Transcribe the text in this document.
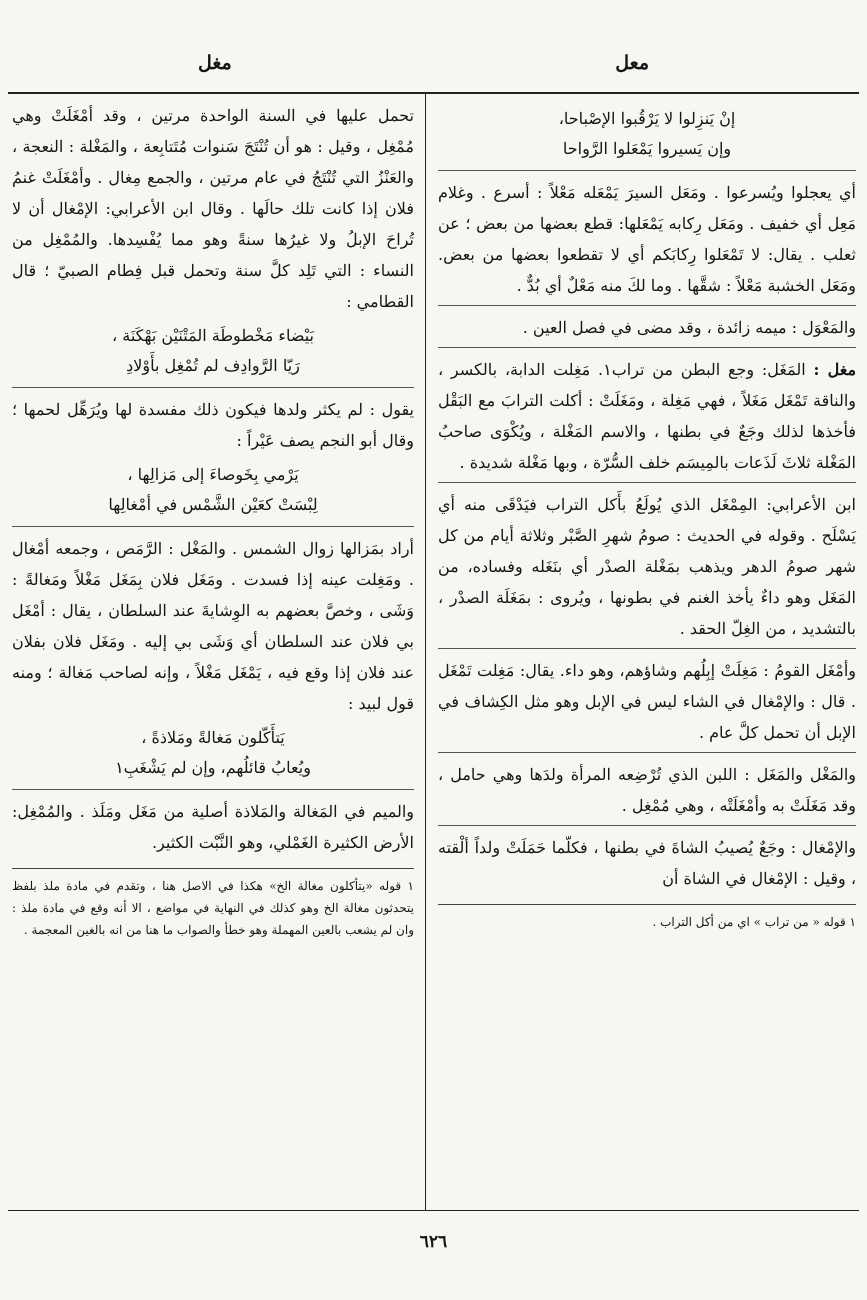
معل
مغل
إنْ يَنزِلوا لا يَرْقُبوا الإصْباحا،
وإن يَسيروا يَمْعَلوا الرَّواحا

أي يعجلوا ويُسرعوا . ومَعَل السيرَ يَمْعَله مَعْلاً : أسرع . وغلام مَعِل أي خفيف . ومَعَل رِكابه يَمْعَلها: قطع بعضها من بعض ؛ عن ثعلب . يقال: لا تَمْعَلوا رِكابَكم أي لا تقطعوا بعضها من بعض. ومَعَل الخشبة مَعْلاً : شقَّها . وما لكَ منه مَعْلٌ أي بُدٌّ .

والمَعْوَل : ميمه زائدة ، وقد مضى في فصل العين .

مغل : المَغَل: وجع البطن من تراب١. مَغِلت الدابة، بالكسر ، والناقة تَمْغَل مَغَلاً ، فهي مَغِلة ، ومَغَلَتْ : أكلت الترابَ مع البَقْل فأخذها لذلك وجَعٌ في بطنها ، والاسم المَغْلة ، ويُكْوَى صاحبُ المَغْلة ثلاثَ لَذَعات بالمِيسَم خلف السُّرّة ، وبها مَغْلة شديدة .

ابن الأعرابي: المِمْغَل الذي يُولَعُ بأَكل التراب فيَدْقَى منه أي يَسْلَح . وقوله في الحديث : صومُ شهرِ الصَّبْر وثلاثة أيام من كل شهر صومُ الدهر ويذهب بمَغْلة الصدْر أي بنَغَله وفساده، من المَغَل وهو داءٌ يأخذ الغنم في بطونها ، ويُروى : بمَغَلَة الصدْر ، بالتشديد ، من الغِلّ الحقد .

وأمْغَل القومُ : مَغِلَتْ إبِلُهم وشاؤهم، وهو داء. يقال: مَغِلت تَمْغَل . قال : والإمْغال في الشاء ليس في الإبل وهو مثل الكِشاف في الإبل أن تحمل كلَّ عام .

والمَغْل والمَغَل : اللبن الذي تُرْضِعه المرأة ولدَها وهي حامل ، وقد مَغَلَتْ به وأمْغَلَتْه ، وهي مُمْغِل .

والإمْغال : وجَعٌ يُصيبُ الشاةَ في بطنها ، فكلّما حَمَلَتْ ولداً ألْقته ، وقيل : الإمْغال في الشاة أن

١ قوله « من تراب » اي من أكل التراب .

تحمل عليها في السنة الواحدة مرتين ، وقد أمْغَلَتْ وهي مُمْغِل ، وقيل : هو أن تُنْتَجَ سَنوات مُتَتابِعة ، والمَغْلة : النعجة ، والعَنْزُ التي تُنْتَجُ في عام مرتين ، والجمع مِغال . وأمْغَلَتْ غنمُ فلان إذا كانت تلك حالَها . وقال ابن الأعرابي: الإمْغال أن لا تُراحَ الإبلُ ولا غيرُها سنةً وهو مما يُفْسِدها. والمُمْغِل من النساء : التي تَلِد كلَّ سنة وتحمل قبل فِطام الصبيّ ؛ قال القطامي :

بَيْضاء مَخْطوطَة المَتْنَيْن بَهْكَنَة ،
رَيّا الرَّوادِف لم تُمْغِل بأَوْلادِ

يقول : لم يكثر ولدها فيكون ذلك مفسدة لها ويُرَهِّل لحمها ؛ وقال أبو النجم يصف عَيْراً :

يَرْمي بِخَوصاءَ إلى مَزالِها ،
لِبْسَتْ كعَيْن الشَّمْس في أمْغالِها

أراد بمَزالها زوال الشمس . والمَغْل : الرَّمَص ، وجمعه أمْغال . ومَغِلت عينه إذا فسدت . ومَغَل فلان بِمَغَل مَغْلاً ومَغالةً : وَشَى ، وخصَّ بعضهم به الوِشايةَ عند السلطان ، يقال : أمْغَل بي فلان عند السلطان أي وَشَى بي إليه . ومَغَل فلان بفلان عند فلان إذا وقع فيه ، يَمْغَل مَغْلاً ، وإنه لصاحب مَغالة ؛ ومنه قول لبيد :

يَتأَكّلون مَغالةً ومَلاذةً ،
ويُعابُ قائلُهم، وإن لم يَشْغَبِ١

والميم في المَغالة والمَلاذة أصلية من مَغَل ومَلَذ . والمُمْغِل: الأرض الكثيرة الغَمْلي، وهو النَّبْت الكثير.

١ قوله «يتأكلون مغالة الخ» هكذا في الاصل هنا ، وتقدم في مادة ملذ بلفظ يتحدثون مغالة الخ وهو كذلك في النهاية في مواضع ، الا أنه وقع في مادة ملذ : وان لم يشعب بالعين المهملة وهو خطأ والصواب ما هنا من انه بالغين المعجمة .

٦٢٦
